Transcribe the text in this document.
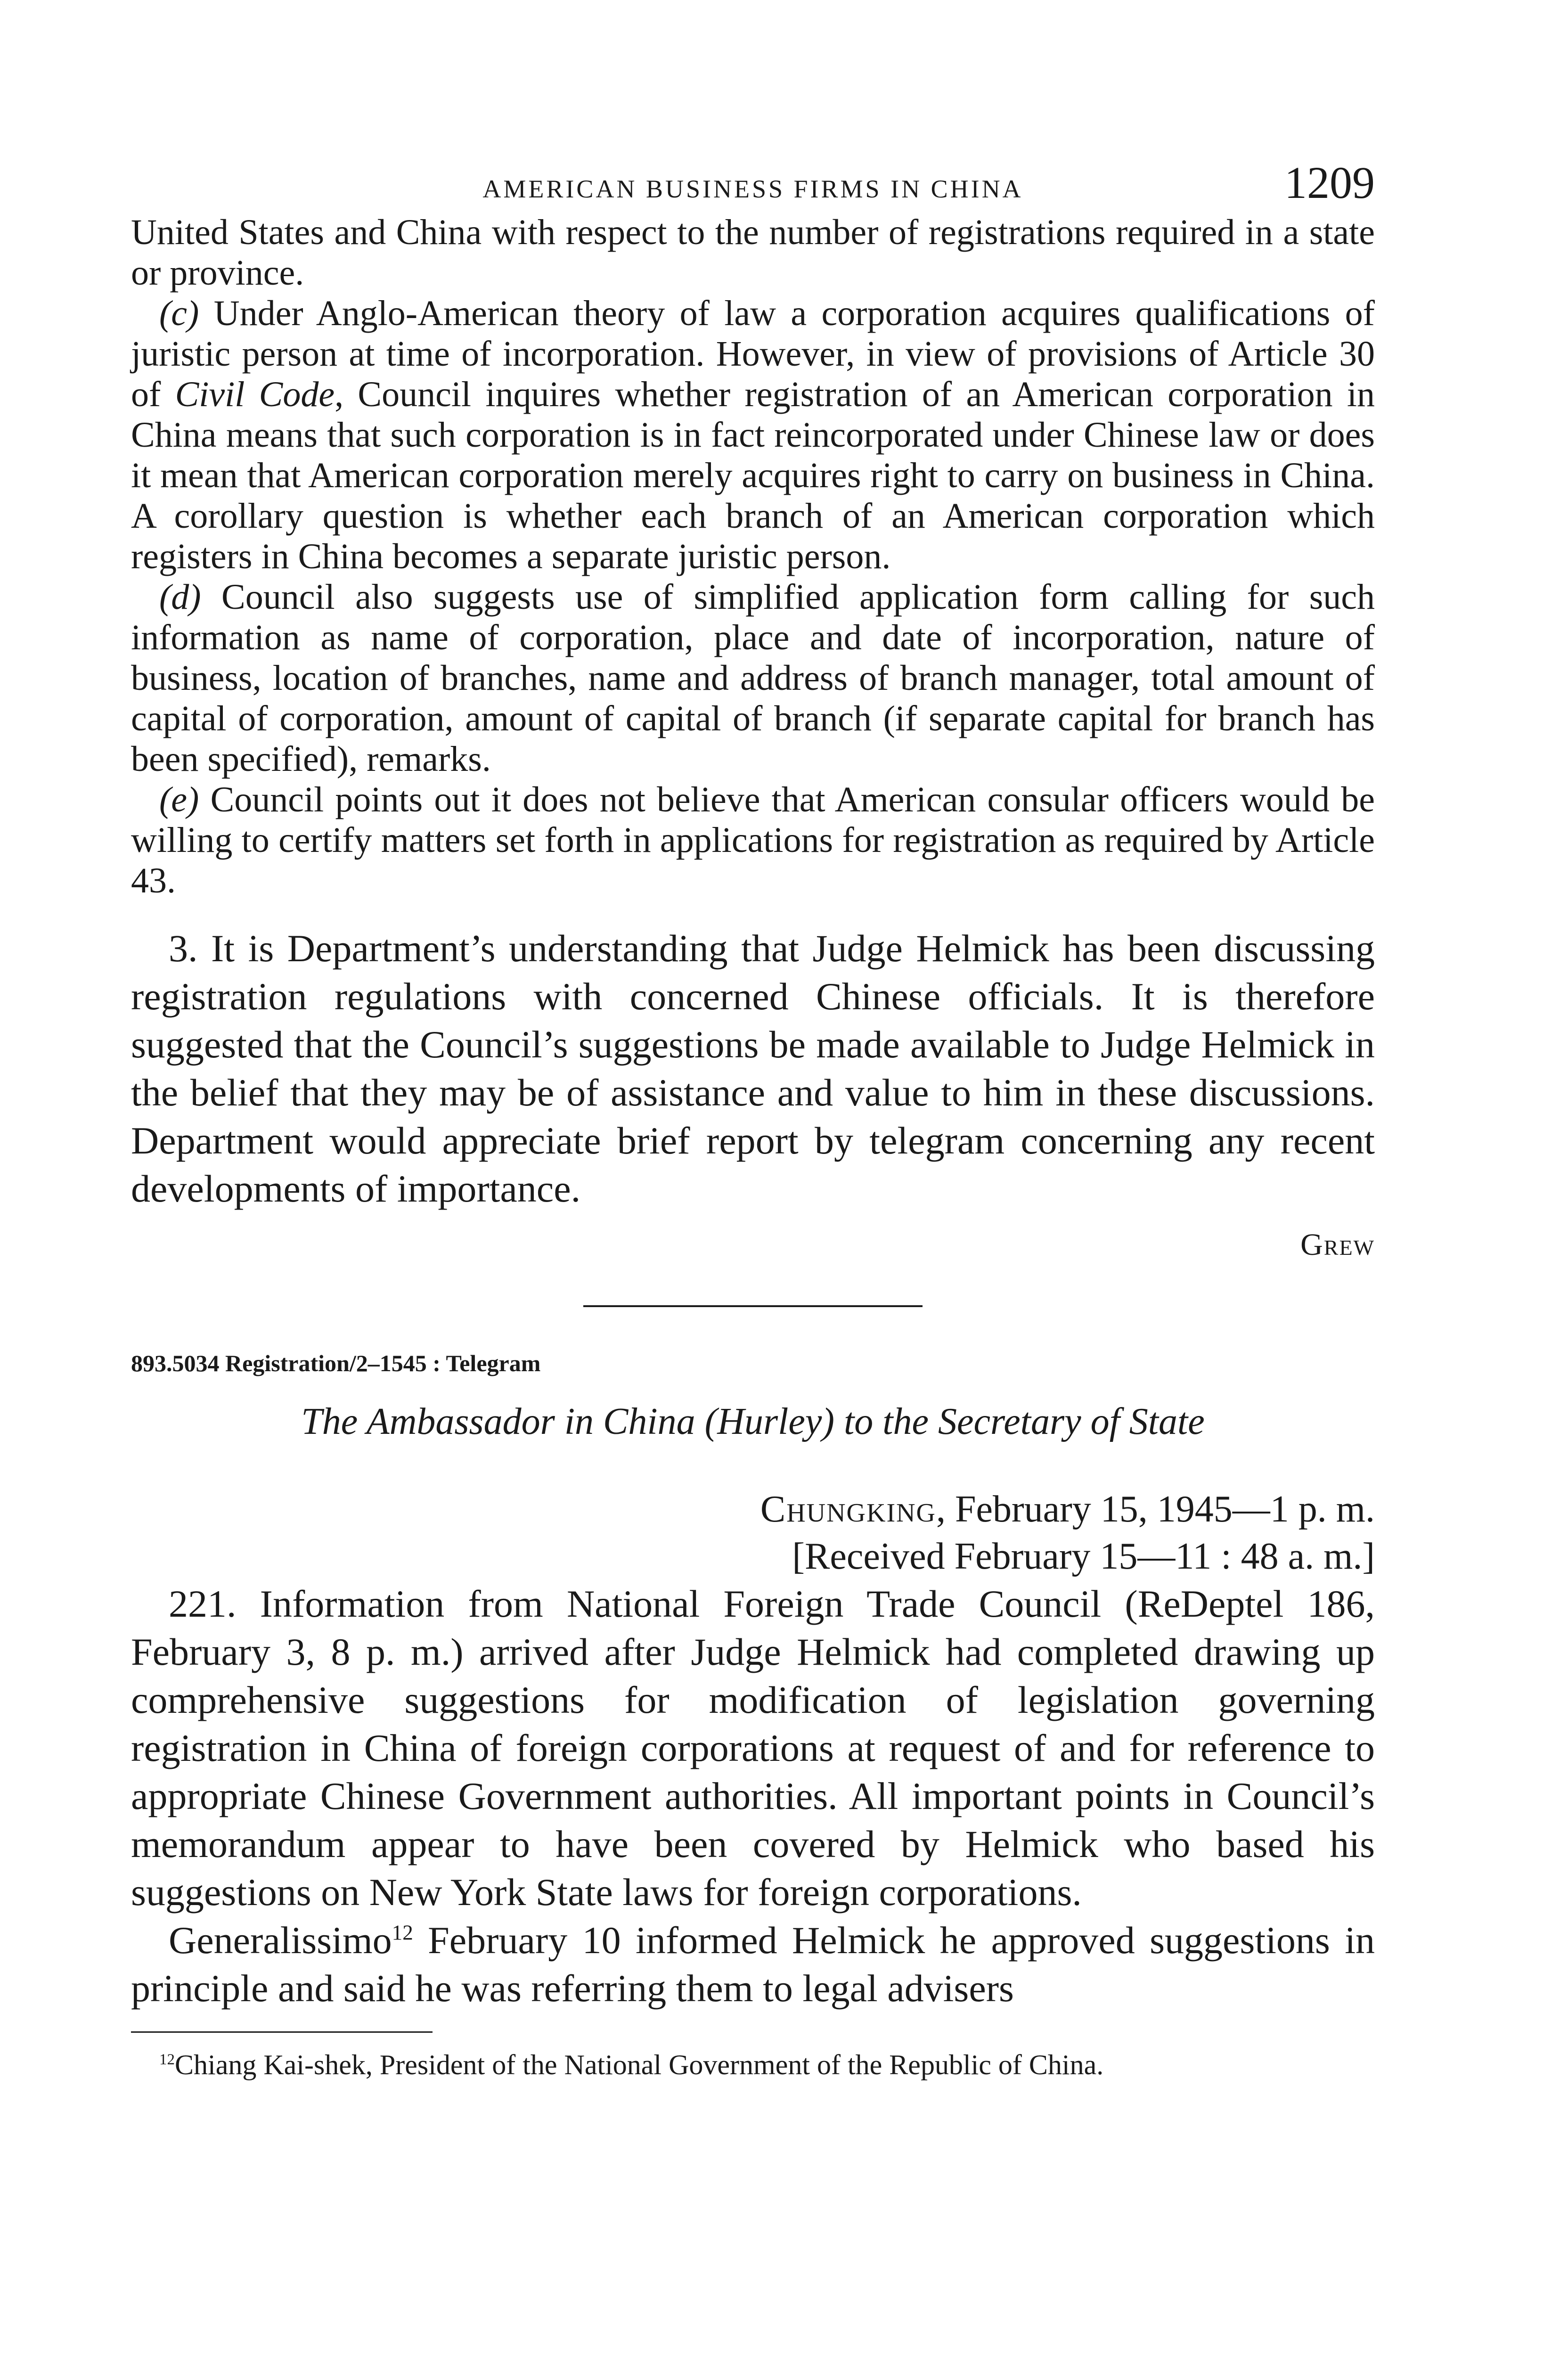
AMERICAN BUSINESS FIRMS IN CHINA	1209

United States and China with respect to the number of registrations required in a state or province.

(c) Under Anglo-American theory of law a corporation acquires qualifications of juristic person at time of incorporation. However, in view of provisions of Article 30 of Civil Code, Council inquires whether registration of an American corporation in China means that such corporation is in fact reincorporated under Chinese law or does it mean that American corporation merely acquires right to carry on business in China. A corollary question is whether each branch of an American corporation which registers in China becomes a separate juristic person.
(d) Council also suggests use of simplified application form calling for such information as name of corporation, place and date of incorporation, nature of business, location of branches, name and address of branch manager, total amount of capital of corporation, amount of capital of branch (if separate capital for branch has been specified), remarks.
(e) Council points out it does not believe that American consular officers would be willing to certify matters set forth in applications for registration as required by Article 43.

3. It is Department’s understanding that Judge Helmick has been discussing registration regulations with concerned Chinese officials. It is therefore suggested that the Council’s suggestions be made available to Judge Helmick in the belief that they may be of assistance and value to him in these discussions. Department would appreciate brief report by telegram concerning any recent developments of importance.

Grew
893.5034 Registration/2–1545 : Telegram
The Ambassador in China (Hurley) to the Secretary of State
Chungking, February 15, 1945—1 p. m.
[Received February 15—11 : 48 a. m.]

221. Information from National Foreign Trade Council (ReDeptel 186, February 3, 8 p. m.) arrived after Judge Helmick had completed drawing up comprehensive suggestions for modification of legislation governing registration in China of foreign corporations at request of and for reference to appropriate Chinese Government authorities. All important points in Council’s memorandum appear to have been covered by Helmick who based his suggestions on New York State laws for foreign corporations.

Generalissimo$^{12}$ February 10 informed Helmick he approved suggestions in principle and said he was referring them to legal advisers

$^{12}$Chiang Kai-shek, President of the National Government of the Republic of China.
